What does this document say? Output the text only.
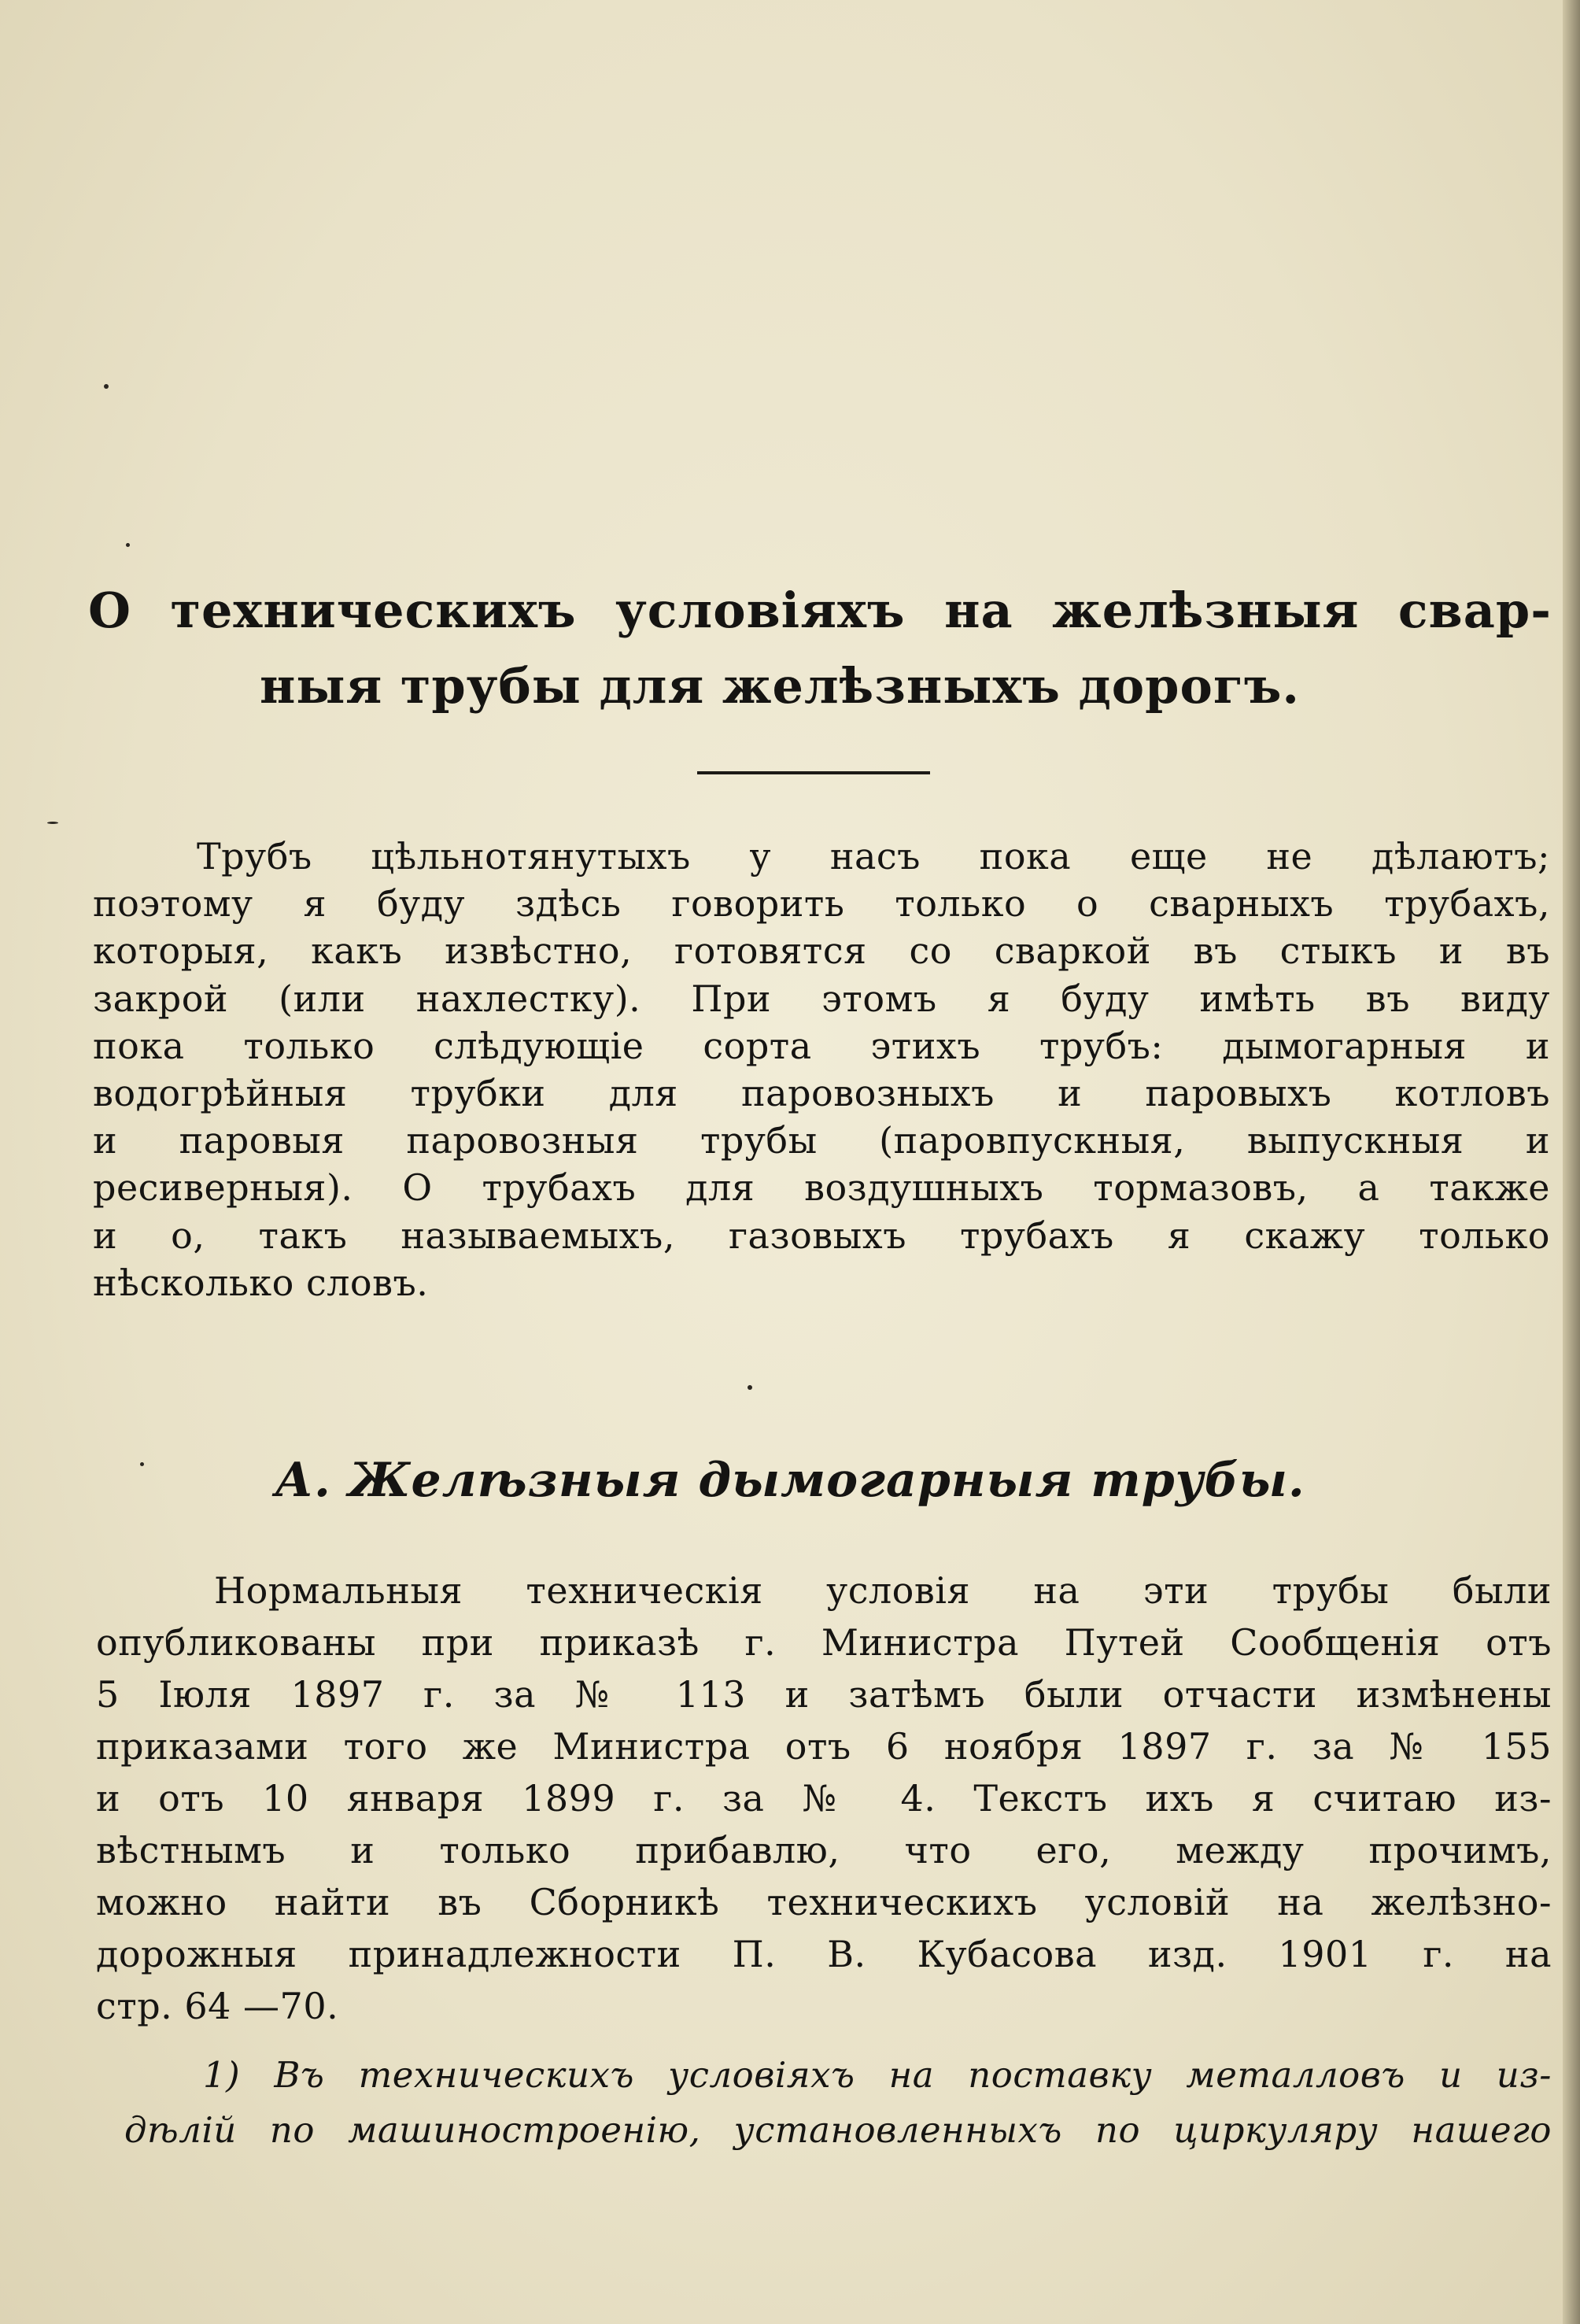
О техническихъ условіяхъ на желѣзныя свар-
ныя трубы для желѣзныхъ дорогъ.
Трубъ цѣльнотянутыхъ у насъ пока еще не дѣлаютъ;
поэтому я буду здѣсь говорить только о сварныхъ трубахъ,
которыя, какъ извѣстно, готовятся со сваркой въ стыкъ и въ
закрой (или нахлестку). При этомъ я буду имѣть въ виду
пока только слѣдующіе сорта этихъ трубъ: дымогарныя и
водогрѣйныя трубки для паровозныхъ и паровыхъ котловъ
и паровыя паровозныя трубы (паровпускныя, выпускныя и
ресиверныя). О трубахъ для воздушныхъ тормазовъ, а также
и о, такъ называемыхъ, газовыхъ трубахъ я скажу только
нѣсколько словъ.
А. Желѣзныя дымогарныя трубы.
Нормальныя техническія условія на эти трубы были
опубликованы при приказѣ г. Министра Путей Сообщенія отъ
5 Іюля 1897 г. за № 113 и затѣмъ были отчасти измѣнены
приказами того же Министра отъ 6 ноября 1897 г. за № 155
и отъ 10 января 1899 г. за № 4. Текстъ ихъ я считаю из-
вѣстнымъ и только прибавлю, что его, между прочимъ,
можно найти въ Сборникѣ техническихъ условій на желѣзно-
дорожныя принадлежности П. В. Кубасова изд. 1901 г. на
стр. 64 —70.
1) Въ техническихъ условіяхъ на поставку металловъ и из-
дѣлій по машиностроенію, установленныхъ по циркуляру нашего
